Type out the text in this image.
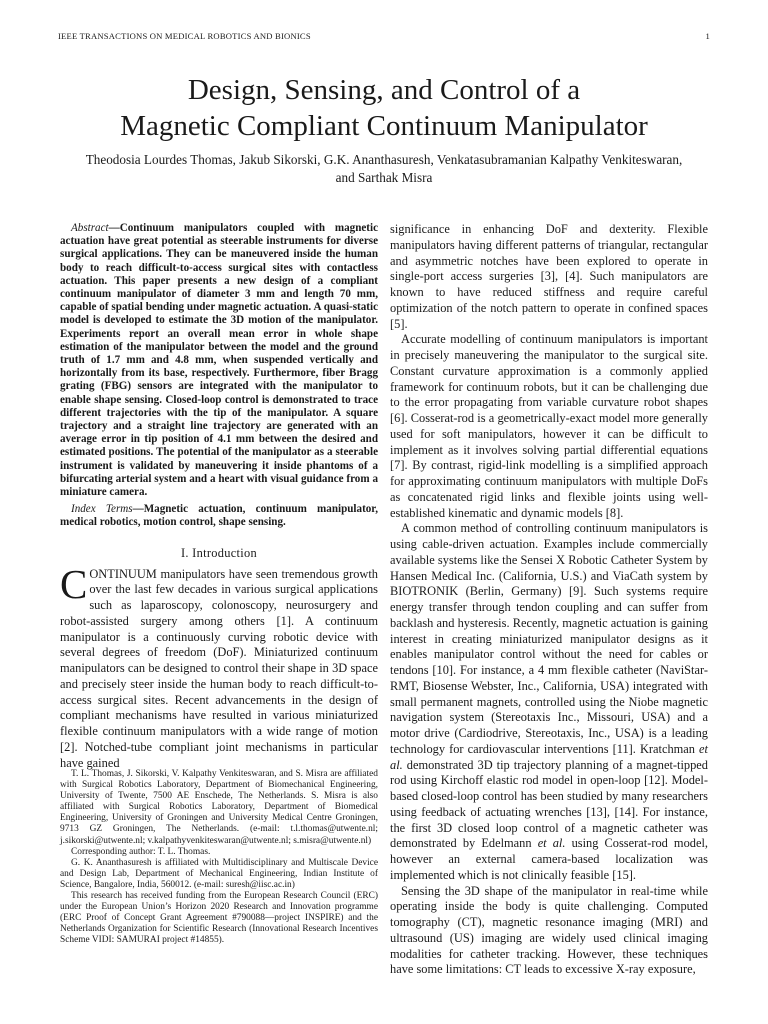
IEEE TRANSACTIONS ON MEDICAL ROBOTICS AND BIONICS	1
Design, Sensing, and Control of a
Magnetic Compliant Continuum Manipulator
Theodosia Lourdes Thomas, Jakub Sikorski, G.K. Ananthasuresh, Venkatasubramanian Kalpathy Venkiteswaran,
and Sarthak Misra

Abstract—Continuum manipulators coupled with magnetic actuation have great potential as steerable instruments for diverse surgical applications. They can be maneuvered inside the human body to reach difficult-to-access surgical sites with contactless actuation. This paper presents a new design of a compliant continuum manipulator of diameter 3 mm and length 70 mm, capable of spatial bending under magnetic actuation. A quasi-static model is developed to estimate the 3D motion of the manipulator. Experiments report an overall mean error in whole shape estimation of the manipulator between the model and the ground truth of 1.7 mm and 4.8 mm, when suspended vertically and horizontally from its base, respectively. Furthermore, fiber Bragg grating (FBG) sensors are integrated with the manipulator to enable shape sensing. Closed-loop control is demonstrated to trace different trajectories with the tip of the manipulator. A square trajectory and a straight line trajectory are generated with an average error in tip position of 4.1 mm between the desired and estimated positions. The potential of the manipulator as a steerable instrument is validated by maneuvering it inside phantoms of a bifurcating arterial system and a heart with visual guidance from a miniature camera.

Index Terms—Magnetic actuation, continuum manipulator, medical robotics, motion control, shape sensing.

I. Introduction

CONTINUUM manipulators have seen tremendous growth over the last few decades in various surgical applications such as laparoscopy, colonoscopy, neurosurgery and robot-assisted surgery among others [1]. A continuum manipulator is a continuously curving robotic device with several degrees of freedom (DoF). Miniaturized continuum manipulators can be designed to control their shape in 3D space and precisely steer inside the human body to reach difficult-to-access surgical sites. Recent advancements in the design of compliant mechanisms have resulted in various miniaturized flexible continuum manipulators with a wide range of motion [2]. Notched-tube compliant joint mechanisms in particular have gained

T. L. Thomas, J. Sikorski, V. Kalpathy Venkiteswaran, and S. Misra are affiliated with Surgical Robotics Laboratory, Department of Biomechanical Engineering, University of Twente, 7500 AE Enschede, The Netherlands. S. Misra is also affiliated with Surgical Robotics Laboratory, Department of Biomedical Engineering, University of Groningen and University Medical Centre Groningen, 9713 GZ Groningen, The Netherlands. (e-mail: t.l.thomas@utwente.nl; j.sikorski@utwente.nl; v.kalpathyvenkiteswaran@utwente.nl; s.misra@utwente.nl)

Corresponding author: T. L. Thomas.

G. K. Ananthasuresh is affiliated with Multidisciplinary and Multiscale Device and Design Lab, Department of Mechanical Engineering, Indian Institute of Science, Bangalore, India, 560012. (e-mail: suresh@iisc.ac.in)

This research has received funding from the European Research Council (ERC) under the European Union’s Horizon 2020 Research and Innovation programme (ERC Proof of Concept Grant Agreement #790088—project INSPIRE) and the Netherlands Organization for Scientific Research (Innovational Research Incentives Scheme VIDI: SAMURAI project #14855).

significance in enhancing DoF and dexterity. Flexible manipulators having different patterns of triangular, rectangular and asymmetric notches have been explored to operate in single-port access surgeries [3], [4]. Such manipulators are known to have reduced stiffness and require careful optimization of the notch pattern to operate in confined spaces [5].

Accurate modelling of continuum manipulators is important in precisely maneuvering the manipulator to the surgical site. Constant curvature approximation is a commonly applied framework for continuum robots, but it can be challenging due to the error propagating from variable curvature robot shapes [6]. Cosserat-rod is a geometrically-exact model more generally used for soft manipulators, however it can be difficult to implement as it involves solving partial differential equations [7]. By contrast, rigid-link modelling is a simplified approach for approximating continuum manipulators with multiple DoFs as concatenated rigid links and flexible joints using well-established kinematic and dynamic models [8].

A common method of controlling continuum manipulators is using cable-driven actuation. Examples include commercially available systems like the Sensei X Robotic Catheter System by Hansen Medical Inc. (California, U.S.) and ViaCath system by BIOTRONIK (Berlin, Germany) [9]. Such systems require energy transfer through tendon coupling and can suffer from backlash and hysteresis. Recently, magnetic actuation is gaining interest in creating miniaturized manipulator designs as it enables manipulator control without the need for cables or tendons [10]. For instance, a 4 mm flexible catheter (NaviStar-RMT, Biosense Webster, Inc., California, USA) integrated with small permanent magnets, controlled using the Niobe magnetic navigation system (Stereotaxis Inc., Missouri, USA) and a motor drive (Cardiodrive, Stereotaxis, Inc., USA) is a leading technology for cardiovascular interventions [11]. Kratchman et al. demonstrated 3D tip trajectory planning of a magnet-tipped rod using Kirchoff elastic rod model in open-loop [12]. Model-based closed-loop control has been studied by many researchers using feedback of actuating wrenches [13], [14]. For instance, the first 3D closed loop control of a magnetic catheter was demonstrated by Edelmann et al. using Cosserat-rod model, however an external camera-based localization was implemented which is not clinically feasible [15].

Sensing the 3D shape of the manipulator in real-time while operating inside the body is quite challenging. Computed tomography (CT), magnetic resonance imaging (MRI) and ultrasound (US) imaging are widely used clinical imaging modalities for catheter tracking. However, these techniques have some limitations: CT leads to excessive X-ray exposure,
